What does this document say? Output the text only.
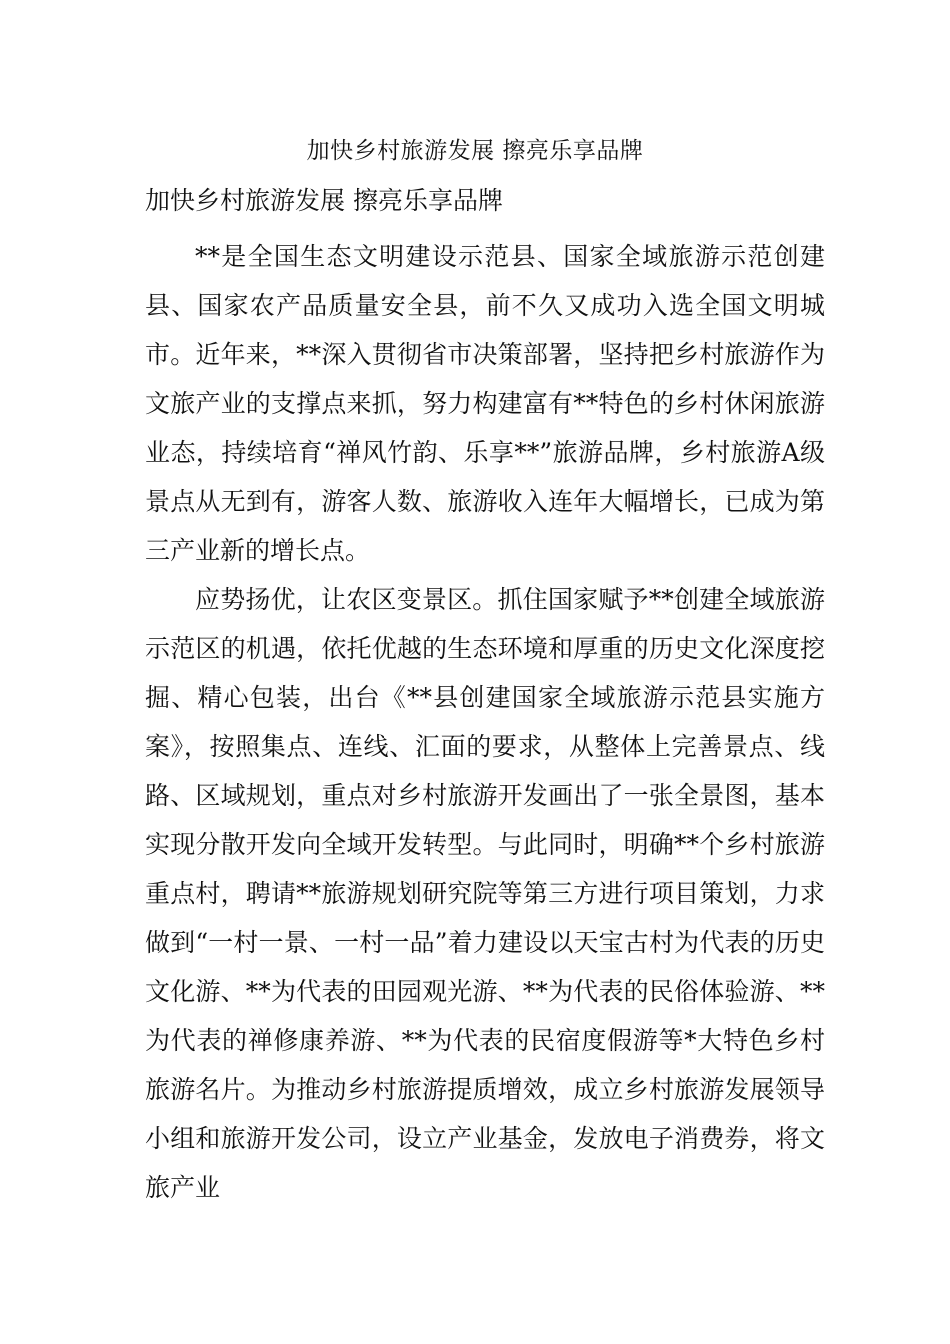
加快乡村旅游发展 擦亮乐享品牌
加快乡村旅游发展 擦亮乐享品牌

**是全国生态文明建设示范县、国家全域旅游示范创建县、国家农产品质量安全县，前不久又成功入选全国文明城市。近年来，**深入贯彻省市决策部署，坚持把乡村旅游作为文旅产业的支撑点来抓，努力构建富有**特色的乡村休闲旅游业态，持续培育“禅风竹韵、乐享**”旅游品牌，乡村旅游A级景点从无到有，游客人数、旅游收入连年大幅增长，已成为第三产业新的增长点。

应势扬优，让农区变景区。抓住国家赋予**创建全域旅游示范区的机遇，依托优越的生态环境和厚重的历史文化深度挖掘、精心包装，出台《**县创建国家全域旅游示范县实施方案》，按照集点、连线、汇面的要求，从整体上完善景点、线路、区域规划，重点对乡村旅游开发画出了一张全景图，基本实现分散开发向全域开发转型。与此同时，明确**个乡村旅游重点村，聘请**旅游规划研究院等第三方进行项目策划，力求做到“一村一景、一村一品”着力建设以天宝古村为代表的历史文化游、**为代表的田园观光游、**为代表的民俗体验游、**为代表的禅修康养游、**为代表的民宿度假游等*大特色乡村旅游名片。为推动乡村旅游提质增效，成立乡村旅游发展领导小组和旅游开发公司，设立产业基金，发放电子消费券，将文旅产业
